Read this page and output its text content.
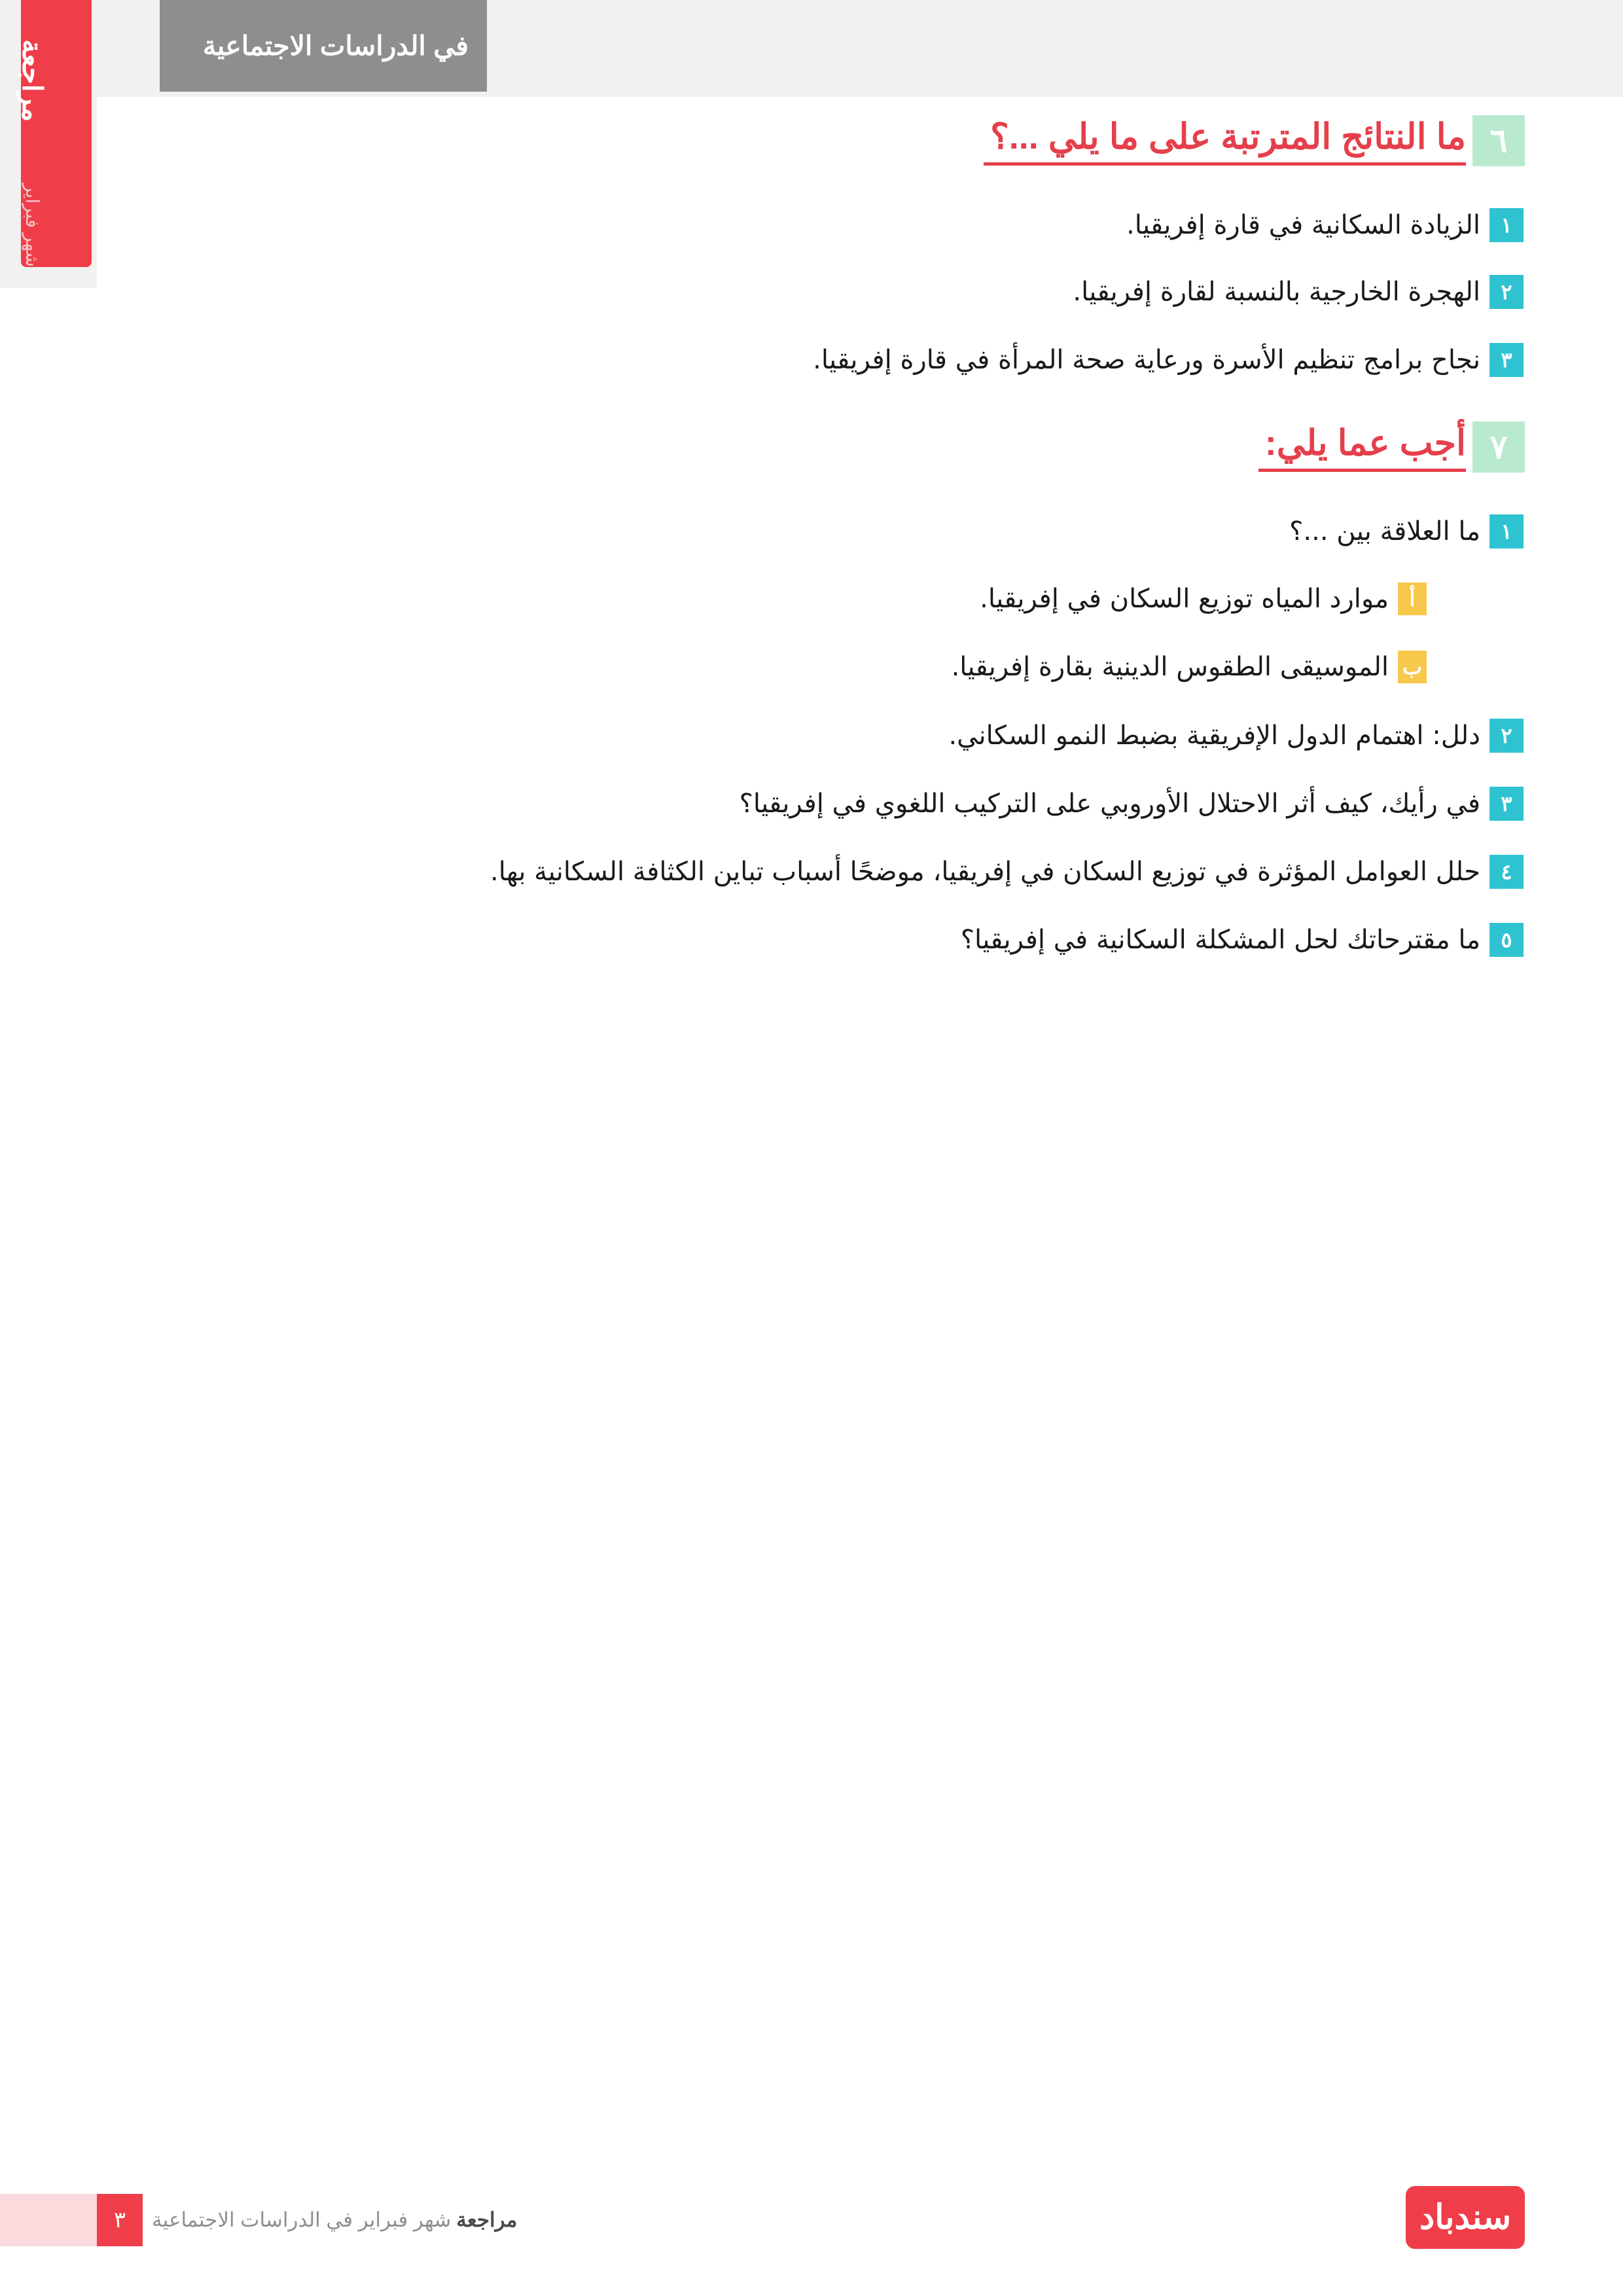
في الدراسات الاجتماعية
مراجعة
شهر فبراير
٦
ما النتائج المترتبة على ما يلي ...؟
١
الزيادة السكانية في قارة إفريقيا.
٢
الهجرة الخارجية بالنسبة لقارة إفريقيا.
٣
نجاح برامج تنظيم الأسرة ورعاية صحة المرأة في قارة إفريقيا.
٧
أجب عما يلي:
١
ما العلاقة بين ...؟
أ
موارد المياه توزيع السكان في إفريقيا.
ب
الموسيقى الطقوس الدينية بقارة إفريقيا.
٢
دلل: اهتمام الدول الإفريقية بضبط النمو السكاني.
٣
في رأيك، كيف أثر الاحتلال الأوروبي على التركيب اللغوي في إفريقيا؟
٤
حلل العوامل المؤثرة في توزيع السكان في إفريقيا، موضحًا أسباب تباين الكثافة السكانية بها.
٥
ما مقترحاتك لحل المشكلة السكانية في إفريقيا؟
٣	مراجعة
شهر فبراير في الدراسات الاجتماعية	سندباد
